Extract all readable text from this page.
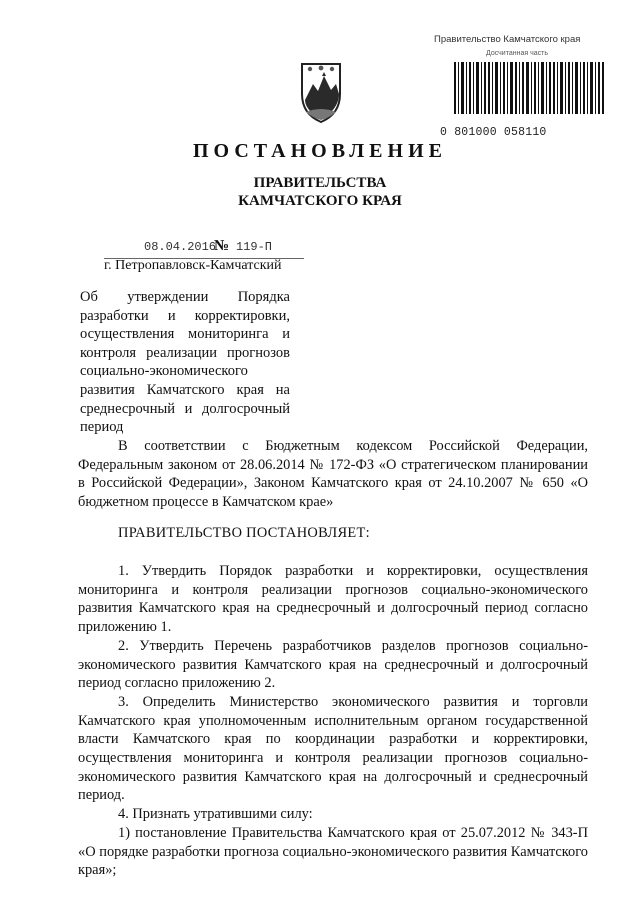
Правительство Камчатского края
Досчитанная часть
0 801000 058110
ПОСТАНОВЛЕНИЕ
ПРАВИТЕЛЬСТВА
КАМЧАТСКОГО КРАЯ
08.04.2016
№ 119-П
г. Петропавловск-Камчатский
Об утверждении Порядка разработки и корректировки, осуществления мониторинга и контроля реализации прогнозов социально-экономического развития Камчатского края на среднесрочный и долгосрочный период

В соответствии с Бюджетным кодексом Российской Федерации, Федеральным законом от 28.06.2014 № 172-ФЗ «О стратегическом планировании в Российской Федерации», Законом Камчатского края от 24.10.2007 № 650 «О бюджетном процессе в Камчатском крае»

ПРАВИТЕЛЬСТВО ПОСТАНОВЛЯЕТ:

1. Утвердить Порядок разработки и корректировки, осуществления мониторинга и контроля реализации прогнозов социально-экономического развития Камчатского края на среднесрочный и долгосрочный период согласно приложению 1.

2. Утвердить Перечень разработчиков разделов прогнозов социально-экономического развития Камчатского края на среднесрочный и долгосрочный период согласно приложению 2.

3. Определить Министерство экономического развития и торговли Камчатского края уполномоченным исполнительным органом государственной власти Камчатского края по координации разработки и корректировки, осуществления мониторинга и контроля реализации прогнозов социально-экономического развития Камчатского края на долгосрочный и среднесрочный период.

4. Признать утратившими силу:

1) постановление Правительства Камчатского края от 25.07.2012 № 343-П «О порядке разработки прогноза социально-экономического развития Камчатского края»;
